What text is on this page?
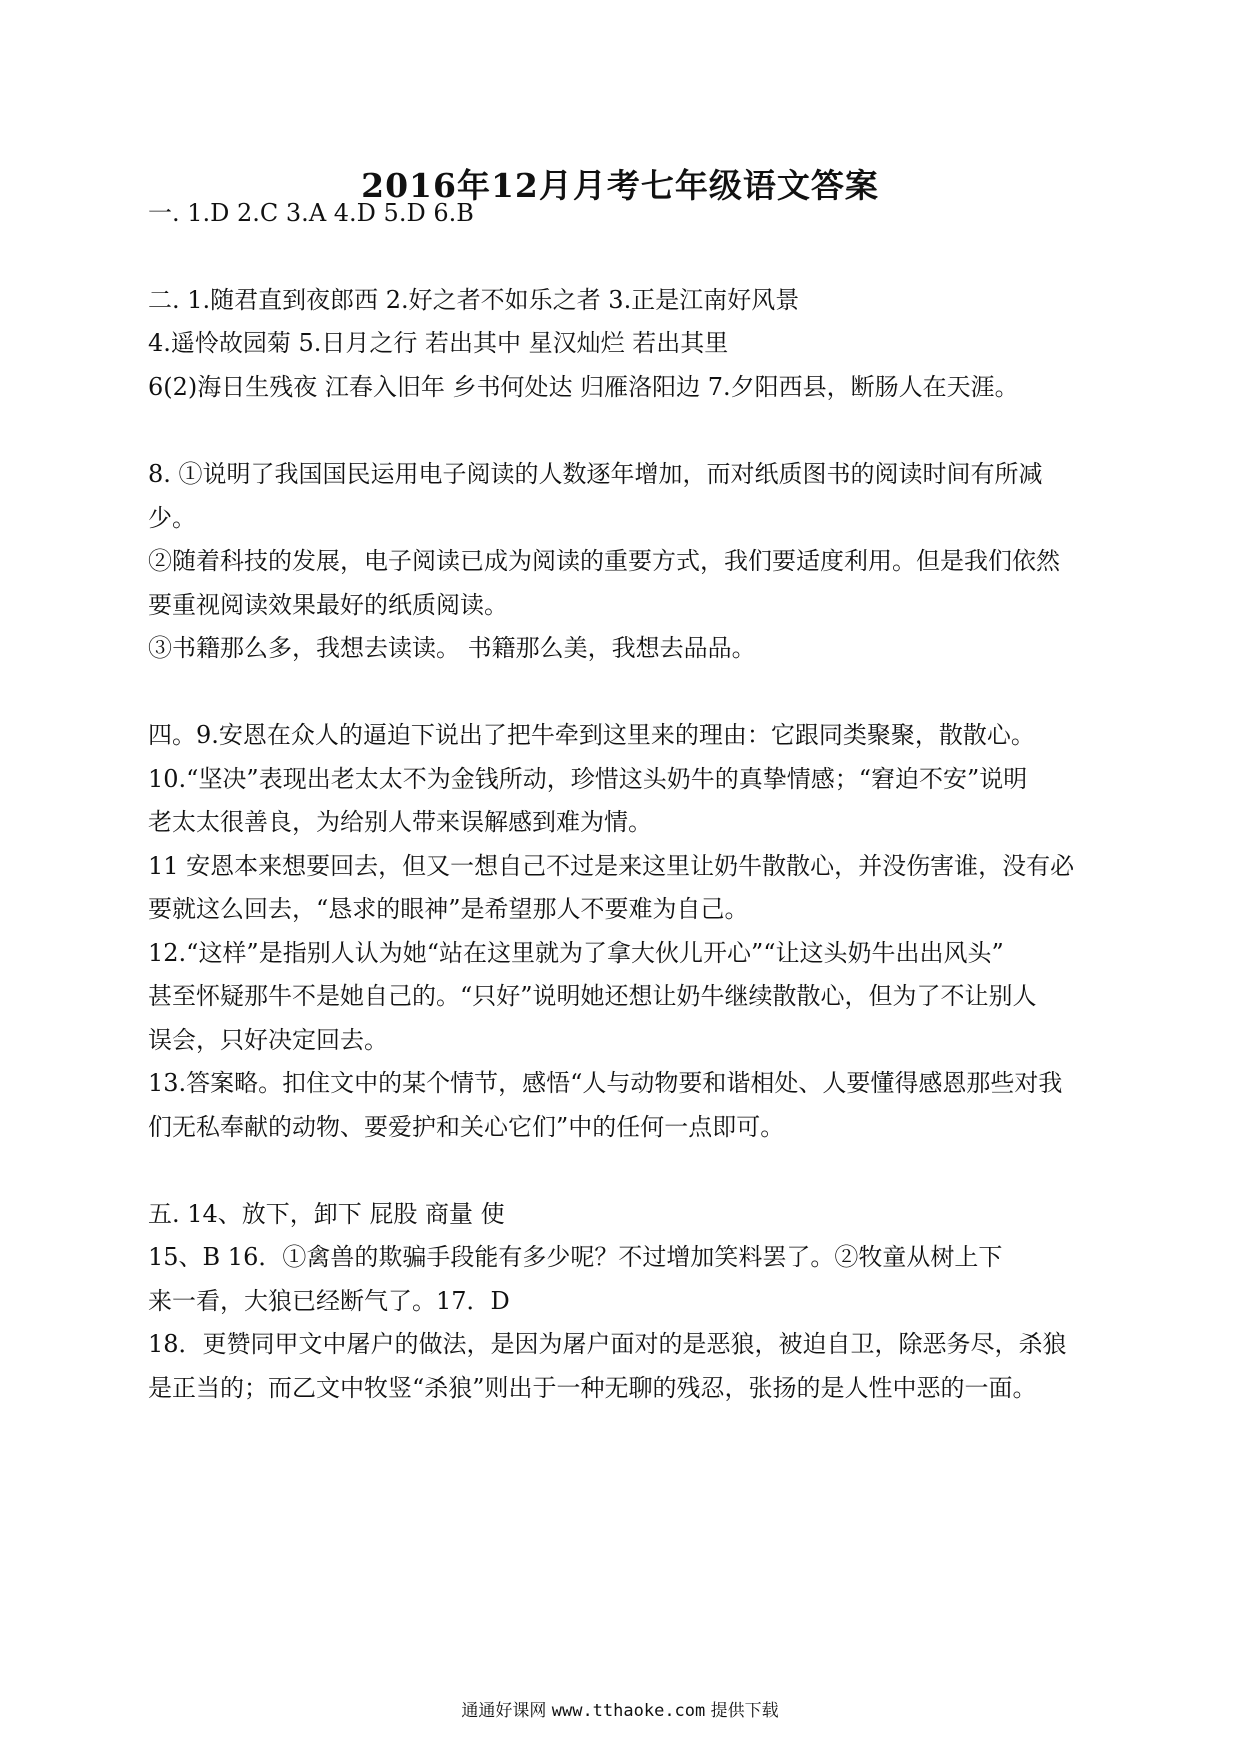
2016年12月月考七年级语文答案
一. 1.D 2.C 3.A 4.D 5.D 6.B
二. 1.随君直到夜郎西 2.好之者不如乐之者 3.正是江南好风景
4.遥怜故园菊 5.日月之行 若出其中 星汉灿烂 若出其里
6(2)海日生残夜 江春入旧年 乡书何处达 归雁洛阳边 7.夕阳西县，断肠人在天涯。
8. ①说明了我国国民运用电子阅读的人数逐年增加，而对纸质图书的阅读时间有所减
少。
②随着科技的发展，电子阅读已成为阅读的重要方式，我们要适度利用。但是我们依然
要重视阅读效果最好的纸质阅读。
③书籍那么多，我想去读读。 书籍那么美，我想去品品。
四。9.安恩在众人的逼迫下说出了把牛牵到这里来的理由：它跟同类聚聚，散散心。
10.“坚决”表现出老太太不为金钱所动，珍惜这头奶牛的真挚情感；“窘迫不安”说明
老太太很善良，为给别人带来误解感到难为情。
11 安恩本来想要回去，但又一想自己不过是来这里让奶牛散散心，并没伤害谁，没有必
要就这么回去，“恳求的眼神”是希望那人不要难为自己。
12.“这样”是指别人认为她“站在这里就为了拿大伙儿开心”“让这头奶牛出出风头”
甚至怀疑那牛不是她自己的。“只好”说明她还想让奶牛继续散散心，但为了不让别人
误会，只好决定回去。
13.答案略。扣住文中的某个情节，感悟“人与动物要和谐相处、人要懂得感恩那些对我
们无私奉献的动物、要爱护和关心它们”中的任何一点即可。
五. 14、放下，卸下 屁股 商量 使
15、B 16．①禽兽的欺骗手段能有多少呢？不过增加笑料罢了。②牧童从树上下
来一看，大狼已经断气了。17．D
18．更赞同甲文中屠户的做法，是因为屠户面对的是恶狼，被迫自卫，除恶务尽，杀狼
是正当的；而乙文中牧竖“杀狼”则出于一种无聊的残忍，张扬的是人性中恶的一面。
通通好课网 www.tthaoke.com 提供下载
